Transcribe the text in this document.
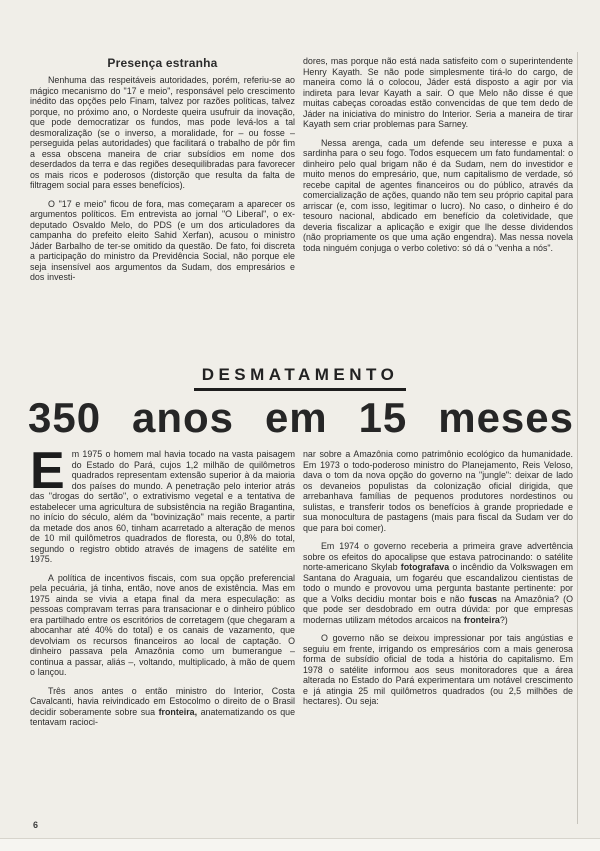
Presença estranha

Nenhuma das respeitáveis autoridades, porém, referiu-se ao mágico mecanismo do "17 e meio", responsável pelo crescimento inédito das opções pelo Finam, talvez por razões políticas, talvez porque, no próximo ano, o Nordeste queira usufruir da inovação, que pode democratizar os fundos, mas pode levá-los a tal desmoralização (se o inverso, a moralidade, for – ou fosse – perseguida pelas autoridades) que facilitará o trabalho de pôr fim a essa obscena maneira de criar subsídios em nome dos deserdados da terra e das regiões desequilibradas para favorecer os mais ricos e poderosos (distorção que resulta da falta de filtragem social para esses benefícios).

O "17 e meio" ficou de fora, mas começaram a aparecer os argumentos políticos. Em entrevista ao jornal "O Liberal", o ex-deputado Osvaldo Melo, do PDS (e um dos articuladores da campanha do prefeito eleito Sahid Xerfan), acusou o ministro Jáder Barbalho de ter-se omitido da questão. De fato, foi discreta a participação do ministro da Previdência Social, não porque ele seja insensível aos argumentos da Sudam, dos empresários e dos investi-

dores, mas porque não está nada satisfeito com o superintendente Henry Kayath. Se não pode simplesmente tirá-lo do cargo, de maneira como lá o colocou, Jáder está disposto a agir por via indireta para levar Kayath a sair. O que Melo não disse é que muitas cabeças coroadas estão convencidas de que tem dedo de Jáder na iniciativa do ministro do Interior. Seria a maneira de tirar Kayath sem criar problemas para Sarney.

Nessa arenga, cada um defende seu interesse e puxa a sardinha para o seu fogo. Todos esquecem um fato fundamental: o dinheiro pelo qual brigam não é da Sudam, nem do investidor e muito menos do empresário, que, num capitalismo de verdade, só recebe capital de agentes financeiros ou do público, através da comercialização de ações, quando não tem seu próprio capital para arriscar (e, com isso, legitimar o lucro). No caso, o dinheiro é do tesouro nacional, abdicado em benefício da coletividade, que deveria fiscalizar a aplicação e exigir que lhe desse dividendos (não propriamente os que uma ação engendra). Mas nessa novela toda ninguém conjuga o verbo coletivo: só dá o "venha a nós".

DESMATAMENTO
350 anos em 15 meses

Em 1975 o homem mal havia tocado na vasta paisagem do Estado do Pará, cujos 1,2 milhão de quilômetros quadrados representam extensão superior à da maioria dos países do mundo. A penetração pelo interior atrás das "drogas do sertão", o extrativismo vegetal e a tentativa de estabelecer uma agricultura de subsistência na região Bragantina, no início do século, além da "bovinização" mais recente, a partir da metade dos anos 60, tinham acarretado a alteração de menos de 10 mil quilômetros quadrados de floresta, ou 0,8% do total, segundo o registro obtido através de imagens de satélite em 1975.

A política de incentivos fiscais, com sua opção preferencial pela pecuária, já tinha, então, nove anos de existência. Mas em 1975 ainda se vivia a etapa final da mera especulação: as pessoas compravam terras para transacionar e o dinheiro público era partilhado entre os escritórios de corretagem (que chegaram a abocanhar até 40% do total) e os canais de vazamento, que devolviam os recursos financeiros ao local de captação. O dinheiro passava pela Amazônia como um bumerangue – continua a passar, aliás –, voltando, multiplicado, à mão de quem o lançou.

Três anos antes o então ministro do Interior, Costa Cavalcanti, havia reivindicado em Estocolmo o direito de o Brasil decidir soberamente sobre sua fronteira, anatematizando os que tentavam racioci-

nar sobre a Amazônia como patrimônio ecológico da humanidade. Em 1973 o todo-poderoso ministro do Planejamento, Reis Veloso, dava o tom da nova opção do governo na "jungle": deixar de lado os devaneios populistas da colonização oficial dirigida, que arrebanhava famílias de pequenos produtores nordestinos ou sulistas, e transferir todos os benefícios à grande propriedade e sua monocultura de pastagens (mais para fiscal da Sudam ver do que para boi comer).

Em 1974 o governo receberia a primeira grave advertência sobre os efeitos do apocalipse que estava patrocinando: o satélite norte-americano Skylab fotografava o incêndio da Volkswagen em Santana do Araguaia, um fogaréu que escandalizou cientistas de todo o mundo e provovou uma pergunta bastante pertinente: por que a Volks decidiu montar bois e não fuscas na Amazônia? (O que pode ser desdobrado em outra dúvida: por que empresas modernas utilizam métodos arcaicos na fronteira?)

O governo não se deixou impressionar por tais angústias e seguiu em frente, irrigando os empresários com a mais generosa forma de subsídio oficial de toda a história do capitalismo. Em 1978 o satélite informou aos seus monitoradores que a área alterada no Estado do Pará experimentara um notável crescimento e já atingia 25 mil quilômetros quadrados (ou 2,5 milhões de hectares). Ou seja:

6
